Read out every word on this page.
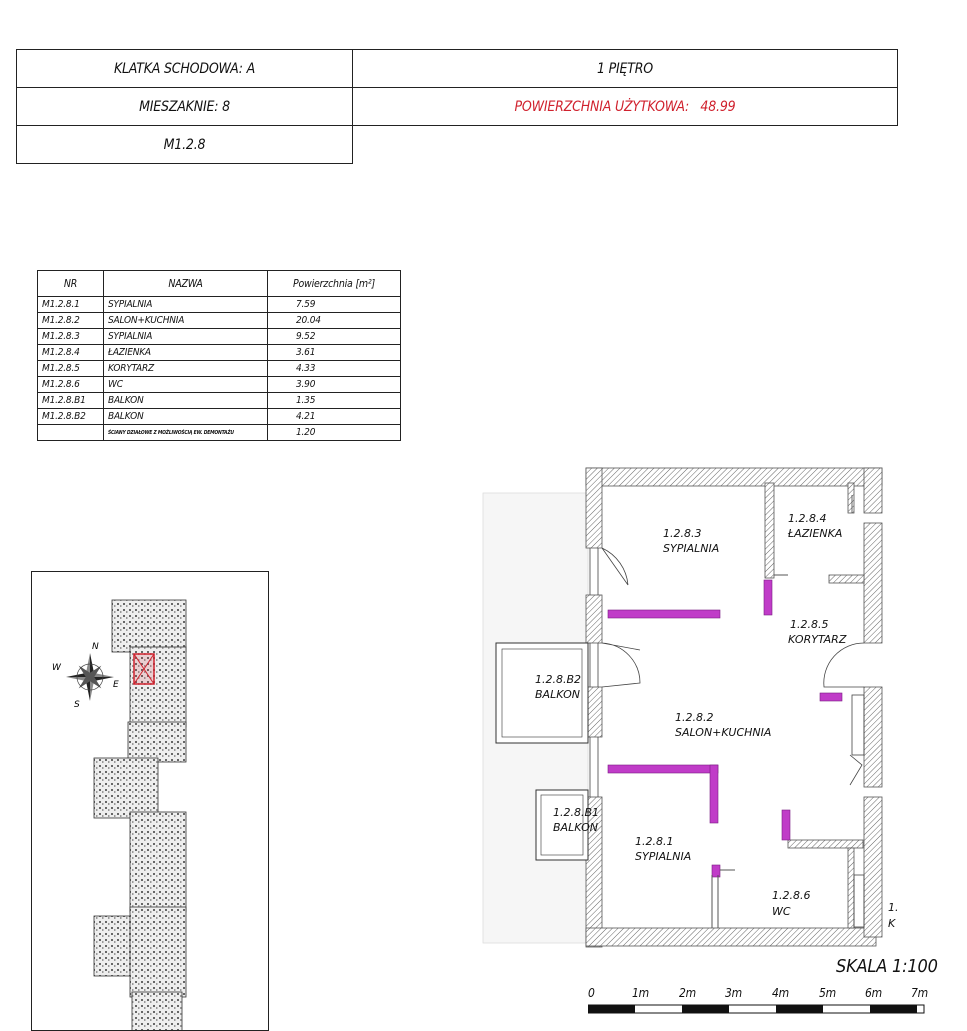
KLATKA SCHODOWA: A	1 PIĘTRO
MIESZAKNIE: 8	POWIERZCHNIA UŻYTKOWA:   48.99
M1.2.8
NR	NAZWA	Powierzchnia [m²]
M1.2.8.1	SYPIALNIA	7.59
M1.2.8.2	SALON+KUCHNIA	20.04
M1.2.8.3	SYPIALNIA	9.52
M1.2.8.4	ŁAZIENKA	3.61
M1.2.8.5	KORYTARZ	4.33
M1.2.8.6	WC	3.90
M1.2.8.B1	BALKON	1.35
M1.2.8.B2	BALKON	4.21
	ŚCIANY DZIAŁOWE Z MOŻLIWOŚCIĄ EW. DEMONTAŻU	1.20
N
E
S
W
1.2.8.3
SYPIALNIA
1.2.8.4
ŁAZIENKA
1.2.8.5
KORYTARZ
1.2.8.B2
BALKON
1.2.8.2
SALON+KUCHNIA
1.2.8.B1
BALKON
1.2.8.1
SYPIALNIA
1.2.8.6
WC	1.
K
SKALA 1:100
0	1m	2m 3m	4m	5m 6m 7m
